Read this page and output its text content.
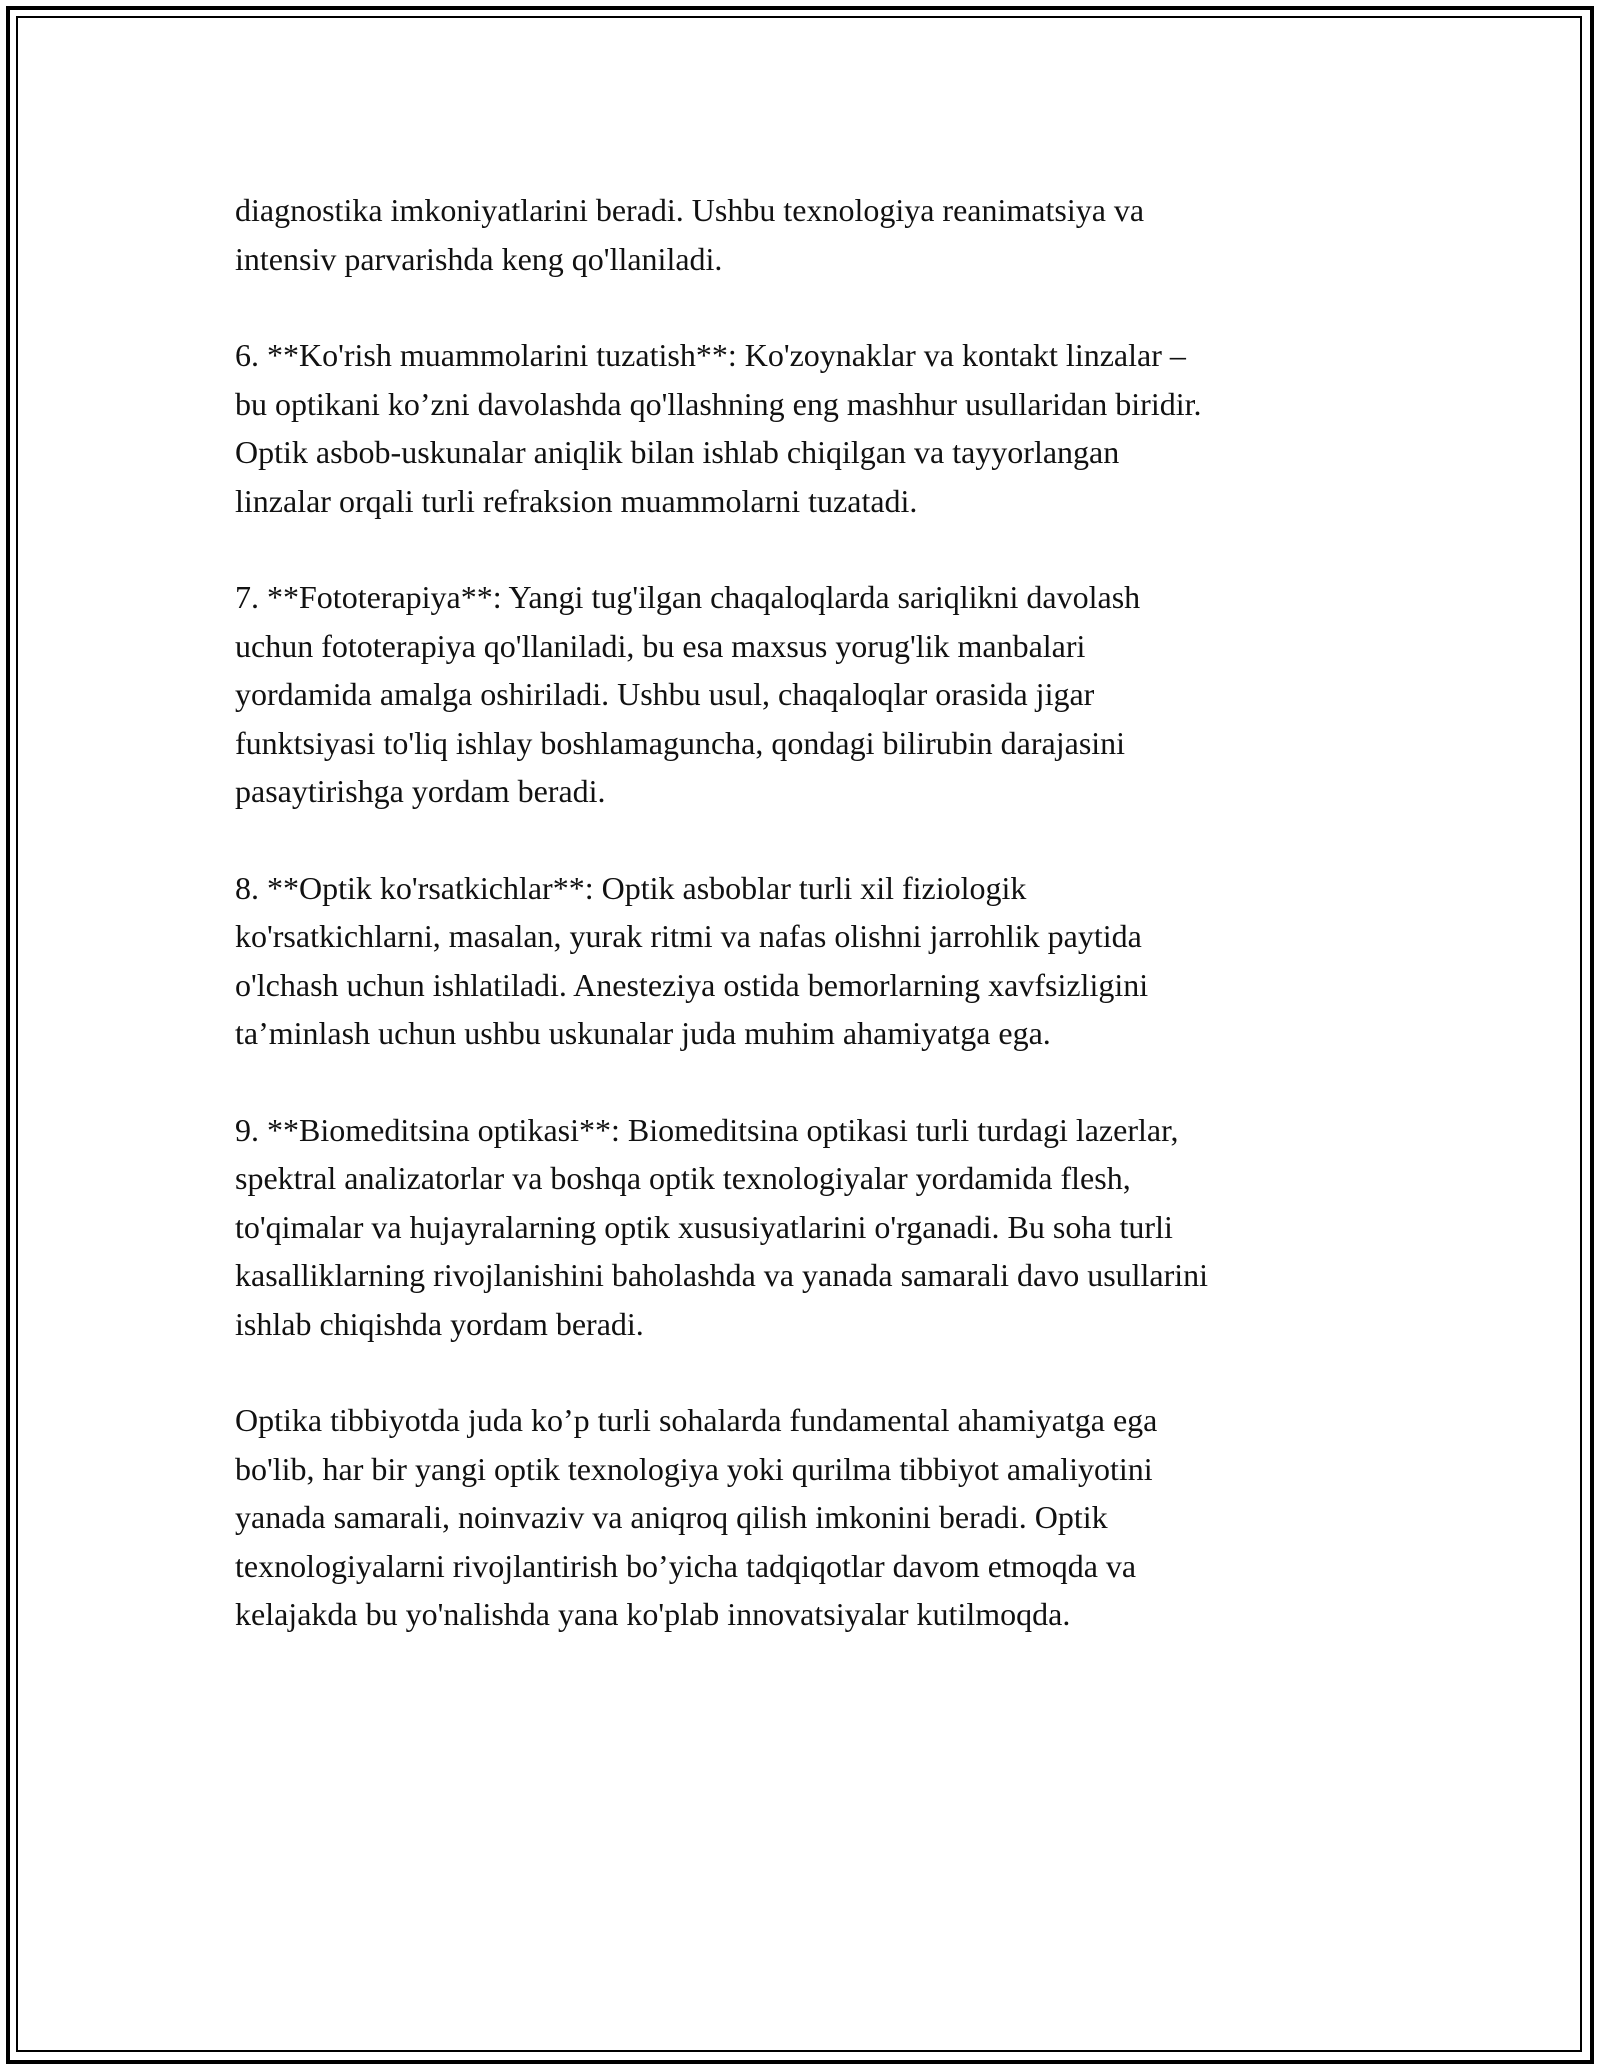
diagnostika imkoniyatlarini beradi. Ushbu texnologiya reanimatsiya va
intensiv parvarishda keng qo'llaniladi.

6. **Ko'rish muammolarini tuzatish**: Ko'zoynaklar va kontakt linzalar –
bu optikani ko’zni davolashda qo'llashning eng mashhur usullaridan biridir.
Optik asbob-uskunalar aniqlik bilan ishlab chiqilgan va tayyorlangan
linzalar orqali turli refraksion muammolarni tuzatadi.

7. **Fototerapiya**: Yangi tug'ilgan chaqaloqlarda sariqlikni davolash
uchun fototerapiya qo'llaniladi, bu esa maxsus yorug'lik manbalari
yordamida amalga oshiriladi. Ushbu usul, chaqaloqlar orasida jigar
funktsiyasi to'liq ishlay boshlamaguncha, qondagi bilirubin darajasini
pasaytirishga yordam beradi.

8. **Optik ko'rsatkichlar**: Optik asboblar turli xil fiziologik
ko'rsatkichlarni, masalan, yurak ritmi va nafas olishni jarrohlik paytida
o'lchash uchun ishlatiladi. Anesteziya ostida bemorlarning xavfsizligini
ta’minlash uchun ushbu uskunalar juda muhim ahamiyatga ega.

9. **Biomeditsina optikasi**: Biomeditsina optikasi turli turdagi lazerlar,
spektral analizatorlar va boshqa optik texnologiyalar yordamida flesh,
to'qimalar va hujayralarning optik xususiyatlarini o'rganadi. Bu soha turli
kasalliklarning rivojlanishini baholashda va yanada samarali davo usullarini
ishlab chiqishda yordam beradi.

Optika tibbiyotda juda ko’p turli sohalarda fundamental ahamiyatga ega
bo'lib, har bir yangi optik texnologiya yoki qurilma tibbiyot amaliyotini
yanada samarali, noinvaziv va aniqroq qilish imkonini beradi. Optik
texnologiyalarni rivojlantirish bo’yicha tadqiqotlar davom etmoqda va
kelajakda bu yo'nalishda yana ko'plab innovatsiyalar kutilmoqda.
